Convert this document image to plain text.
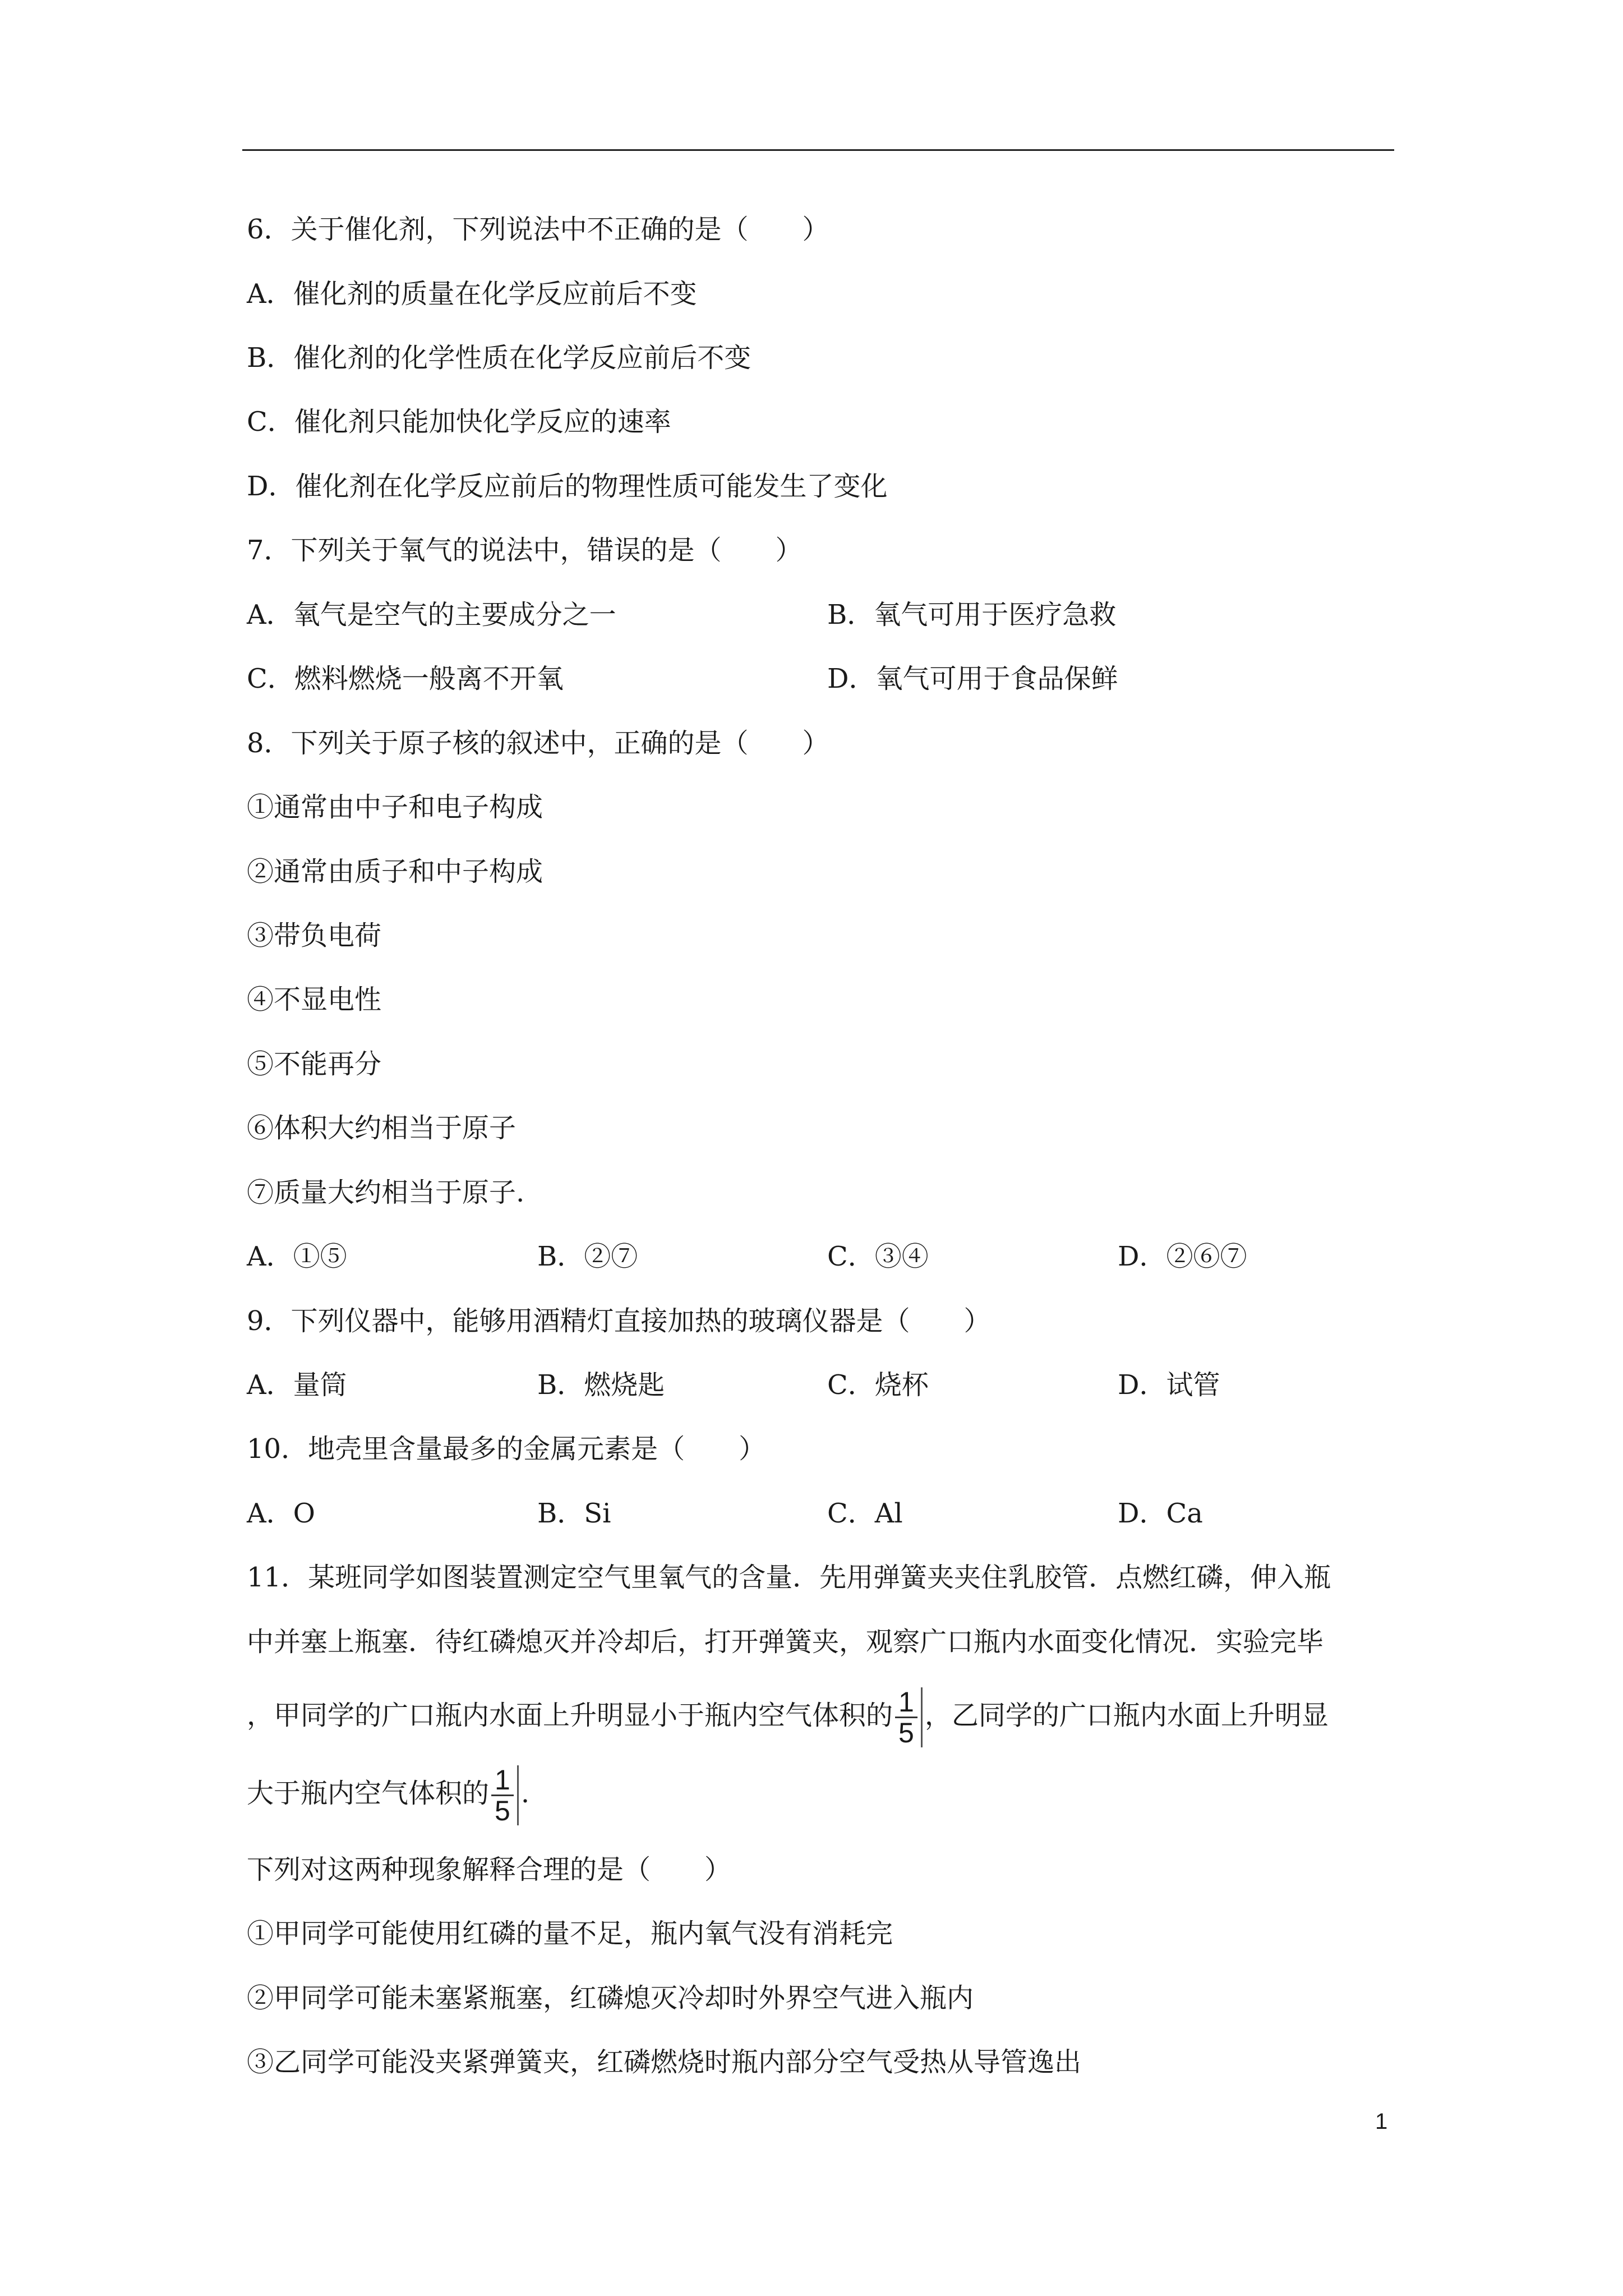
6．关于催化剂，下列说法中不正确的是（　　）
A．催化剂的质量在化学反应前后不变
B．催化剂的化学性质在化学反应前后不变
C．催化剂只能加快化学反应的速率
D．催化剂在化学反应前后的物理性质可能发生了变化
7．下列关于氧气的说法中，错误的是（　　）
A．氧气是空气的主要成分之一	B．氧气可用于医疗急救
C．燃料燃烧一般离不开氧	D．氧气可用于食品保鲜
8．下列关于原子核的叙述中，正确的是（　　）
①通常由中子和电子构成
②通常由质子和中子构成
③带负电荷
④不显电性
⑤不能再分
⑥体积大约相当于原子
⑦质量大约相当于原子.
A．①⑤	B．②⑦	C．③④	D．②⑥⑦
9．下列仪器中，能够用酒精灯直接加热的玻璃仪器是（　　）
A．量筒	B．燃烧匙	C．烧杯	D．试管
10．地壳里含量最多的金属元素是（　　）
A．O	B．Si	C．Al	D．Ca
11．某班同学如图装置测定空气里氧气的含量．先用弹簧夹夹住乳胶管．点燃红磷，伸入瓶
中并塞上瓶塞．待红磷熄灭并冷却后，打开弹簧夹，观察广口瓶内水面变化情况．实验完毕
，甲同学的广口瓶内水面上升明显小于瓶内空气体积的 $\frac{1}{5}$ ，乙同学的广口瓶内水面上升明显
大于瓶内空气体积的 $\frac{1}{5}$ .
下列对这两种现象解释合理的是（　　）
①甲同学可能使用红磷的量不足，瓶内氧气没有消耗完
②甲同学可能未塞紧瓶塞，红磷熄灭冷却时外界空气进入瓶内
③乙同学可能没夹紧弹簧夹，红磷燃烧时瓶内部分空气受热从导管逸出
1
